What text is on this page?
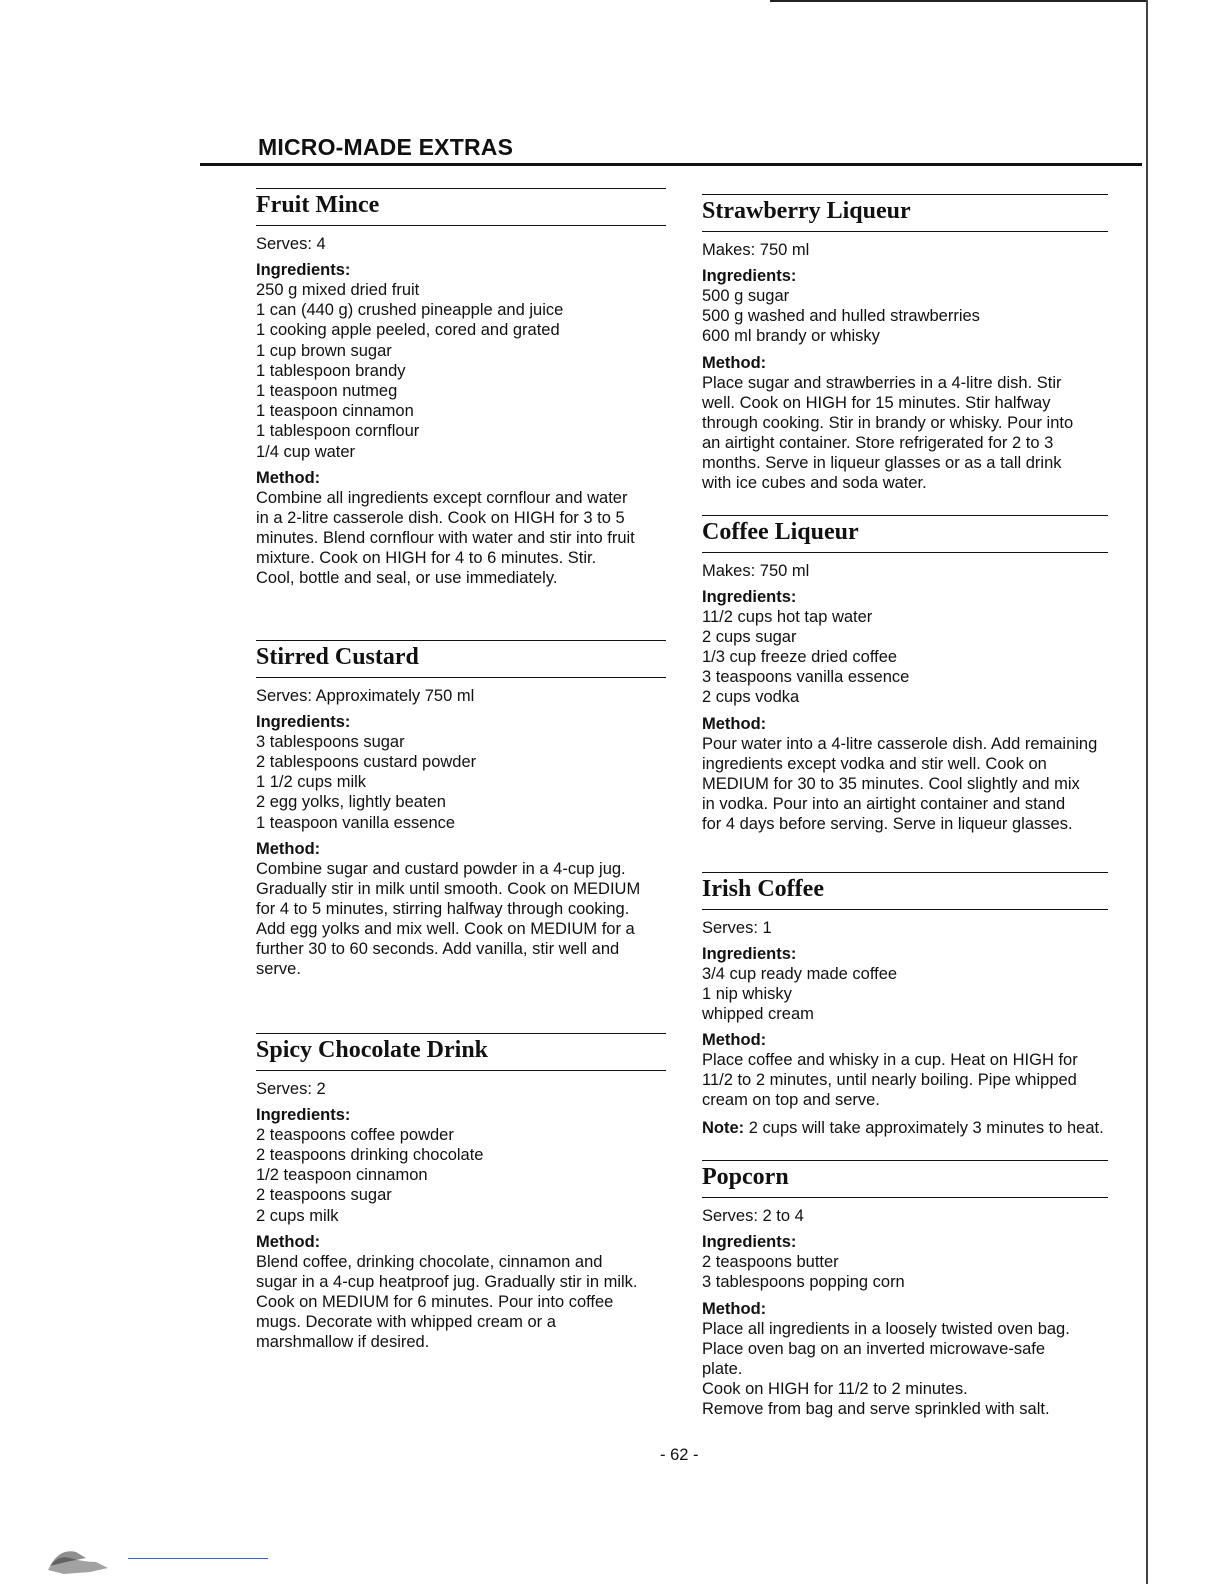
MICRO-MADE EXTRAS
Fruit Mince
Serves: 4
Ingredients:
250 g mixed dried fruit
1 can (440 g) crushed pineapple and juice
1 cooking apple peeled, cored and grated
1 cup brown sugar
1 tablespoon brandy
1 teaspoon nutmeg
1 teaspoon cinnamon
1 tablespoon cornflour
1/4 cup water
Method:
Combine all ingredients except cornflour and water
in a 2-litre casserole dish. Cook on HIGH for 3 to 5
minutes. Blend cornflour with water and stir into fruit
mixture. Cook on HIGH for 4 to 6 minutes. Stir.
Cool, bottle and seal, or use immediately.
Stirred Custard
Serves: Approximately 750 ml
Ingredients:
3 tablespoons sugar
2 tablespoons custard powder
1 1/2 cups milk
2 egg yolks, lightly beaten
1 teaspoon vanilla essence
Method:
Combine sugar and custard powder in a 4-cup jug.
Gradually stir in milk until smooth. Cook on MEDIUM
for 4 to 5 minutes, stirring halfway through cooking.
Add egg yolks and mix well. Cook on MEDIUM for a
further 30 to 60 seconds. Add vanilla, stir well and
serve.
Spicy Chocolate Drink
Serves: 2
Ingredients:
2 teaspoons coffee powder
2 teaspoons drinking chocolate
1/2 teaspoon cinnamon
2 teaspoons sugar
2 cups milk
Method:
Blend coffee, drinking chocolate, cinnamon and
sugar in a 4-cup heatproof jug. Gradually stir in milk.
Cook on MEDIUM for 6 minutes. Pour into coffee
mugs. Decorate with whipped cream or a
marshmallow if desired.
Strawberry Liqueur
Makes: 750 ml
Ingredients:
500 g sugar
500 g washed and hulled strawberries
600 ml brandy or whisky
Method:
Place sugar and strawberries in a 4-litre dish. Stir
well. Cook on HIGH for 15 minutes. Stir halfway
through cooking. Stir in brandy or whisky. Pour into
an airtight container. Store refrigerated for 2 to 3
months. Serve in liqueur glasses or as a tall drink
with ice cubes and soda water.
Coffee Liqueur
Makes: 750 ml
Ingredients:
11/2 cups hot tap water
2 cups sugar
1/3 cup freeze dried coffee
3 teaspoons vanilla essence
2 cups vodka
Method:
Pour water into a 4-litre casserole dish. Add remaining
ingredients except vodka and stir well. Cook on
MEDIUM for 30 to 35 minutes. Cool slightly and mix
in vodka. Pour into an airtight container and stand
for 4 days before serving. Serve in liqueur glasses.
Irish Coffee
Serves: 1
Ingredients:
3/4 cup ready made coffee
1 nip whisky
whipped cream
Method:
Place coffee and whisky in a cup. Heat on HIGH for
11/2 to 2 minutes, until nearly boiling. Pipe whipped
cream on top and serve.
Note: 2 cups will take approximately 3 minutes to heat.
Popcorn
Serves: 2 to 4
Ingredients:
2 teaspoons butter
3 tablespoons popping corn
Method:
Place all ingredients in a loosely twisted oven bag.
Place oven bag on an inverted microwave-safe
plate.
Cook on HIGH for 11/2 to 2 minutes.
Remove from bag and serve sprinkled with salt.
- 62 -
